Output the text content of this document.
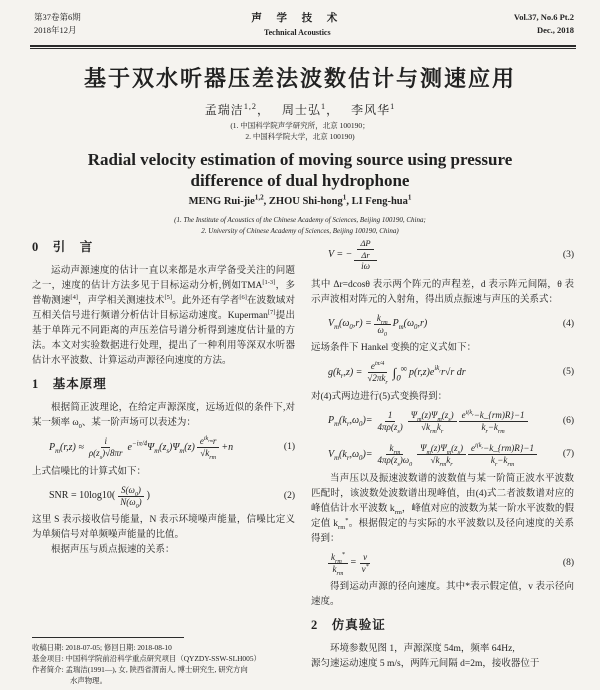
第37卷第6期
2018年12月
声 学 技 术
Technical Acoustics
Vol.37, No.6 Pt.2
Dec., 2018
基于双水听器压差法波数估计与测速应用
孟瑞洁$^{1,2}$， 周士弘$^1$， 李风华$^1$
(1. 中国科学院声学研究所，北京 100190；
2. 中国科学院大学，北京 100190)
Radial velocity estimation of moving source using pressure
difference of dual hydrophone
MENG Rui-jie$^{1,2}$, ZHOU Shi-hong$^1$, LI Feng-hua$^1$
(1. The Institute of Acoustics of the Chinese Academy of Sciences, Beijing 100190, China;
2. University of Chinese Academy of Sciences, Beijing 100190, China)
0　引　言

运动声源速度的估计一直以来都是水声学备受关注的问题之一，速度的估计方法多见于目标运动分析,例如TMA[1-3]，多普勒测速[4]，声学相关测速技术[5]。此外还有学者[6]在波数域对互相关信号进行频谱分析估计目标运动速度。Kuperman[7]提出基于单阵元不同距离的声压差信号谱分析得到速度估计量的方法。本文对实验数据进行处理，提出了一种利用等深双水听器估计水平波数、计算运动声源径向速度的方法。

1　基本原理

根据简正波理论，在给定声源深度，远场近似的条件下,对某一频率 $\omega_0$、某一阶声场可以表述为：

$P_m(r,z) \approx \frac{i}{\rho(z_s)√8\pi r} e^{-i\pi/4}\Psi_m(z_s)\Psi_m(z) \frac{e^{ik_{rm}}r}{√k_{rm}} +n$	(1)

上式信噪比的计算式如下：

SNR = $10\log 10( \frac{S(\omega_0)}{N(\omega_0)}$ )	(2)

这里 S 表示接收信号能量，N 表示环境噪声能量，信噪比定义为单频信号对单频噪声能量的比值。

根据声压与质点振速的关系：

收稿日期: 2018-07-05; 修回日期: 2018-08-10
基金项目: 中国科学院前沿科学重点研究项目（QYZDY-SSW-SLH005）
作者简介: 孟瑞洁(1991—), 女, 陕西省渭南人, 博士研究生, 研究方向
水声物理。
V = − $\frac{\frac{\Delta P}{\Delta r}}{i\omega}$	(3)

其中 Δr=dcosθ 表示两个阵元的声程差，d 表示阵元间隔，θ 表示声波相对阵元的入射角，得出质点振速与声压的关系式：

$V_m(\omega_0,r) = \frac{k_{rm}}{\omega_0} P_m(\omega_0,r)$	(4)

远场条件下 Hankel 变换的定义式如下：

$g(k_r,z) = \frac{e^{i\pi/4}}{√2\pi k_r} \int_0^\infty$ $p(r,z)e^{ik_r}r√r$ dr	(5)

对(4)式两边进行(5)式变换得到：

$P_m(k_r,\omega_0)= \frac{1}{4\pi\rho(z_s)} \frac{\Psi_m(z)\Psi_m(z_s)}{√k_{rm}k_r} \frac{e^{i(k_r}-k\_\{rm)R\}-1}{k_r-k_{rm}}$	(6)
$V_m(k_r,\omega_0)= \frac{k_{rm}}{4\pi\rho(z_s)\omega_0} \frac{\Psi_m(z)\Psi_m(z_s)}{√k_{rm}k_r} \frac{e^{i(k_r}-k\_\{rm)R\}-1}{k_r-k_{rm}}$	(7)

当声压以及振速波数谱的波数值与某一阶简正波水平波数匹配时，该波数处波数谱出现峰值，由(4)式二者波数谱对应的峰值估计水平波数 $k_{rm}$，峰值对应的波数为某一阶水平波数的假定值 $k_{rm}^*$。根据假定的与实际的水平波数以及径向速度的关系得到：

$\frac{k_{rm}^*}{k_{rm}} = \frac{v}{v^*}$	(8)

得到运动声源的径向速度。其中*表示假定值，v 表示径向速度。

2　仿真验证

环境参数见图 1，声源深度 54m，频率 64Hz,

源匀速运动速度 5 m/s，两阵元间隔 d=2m，接收器位于
